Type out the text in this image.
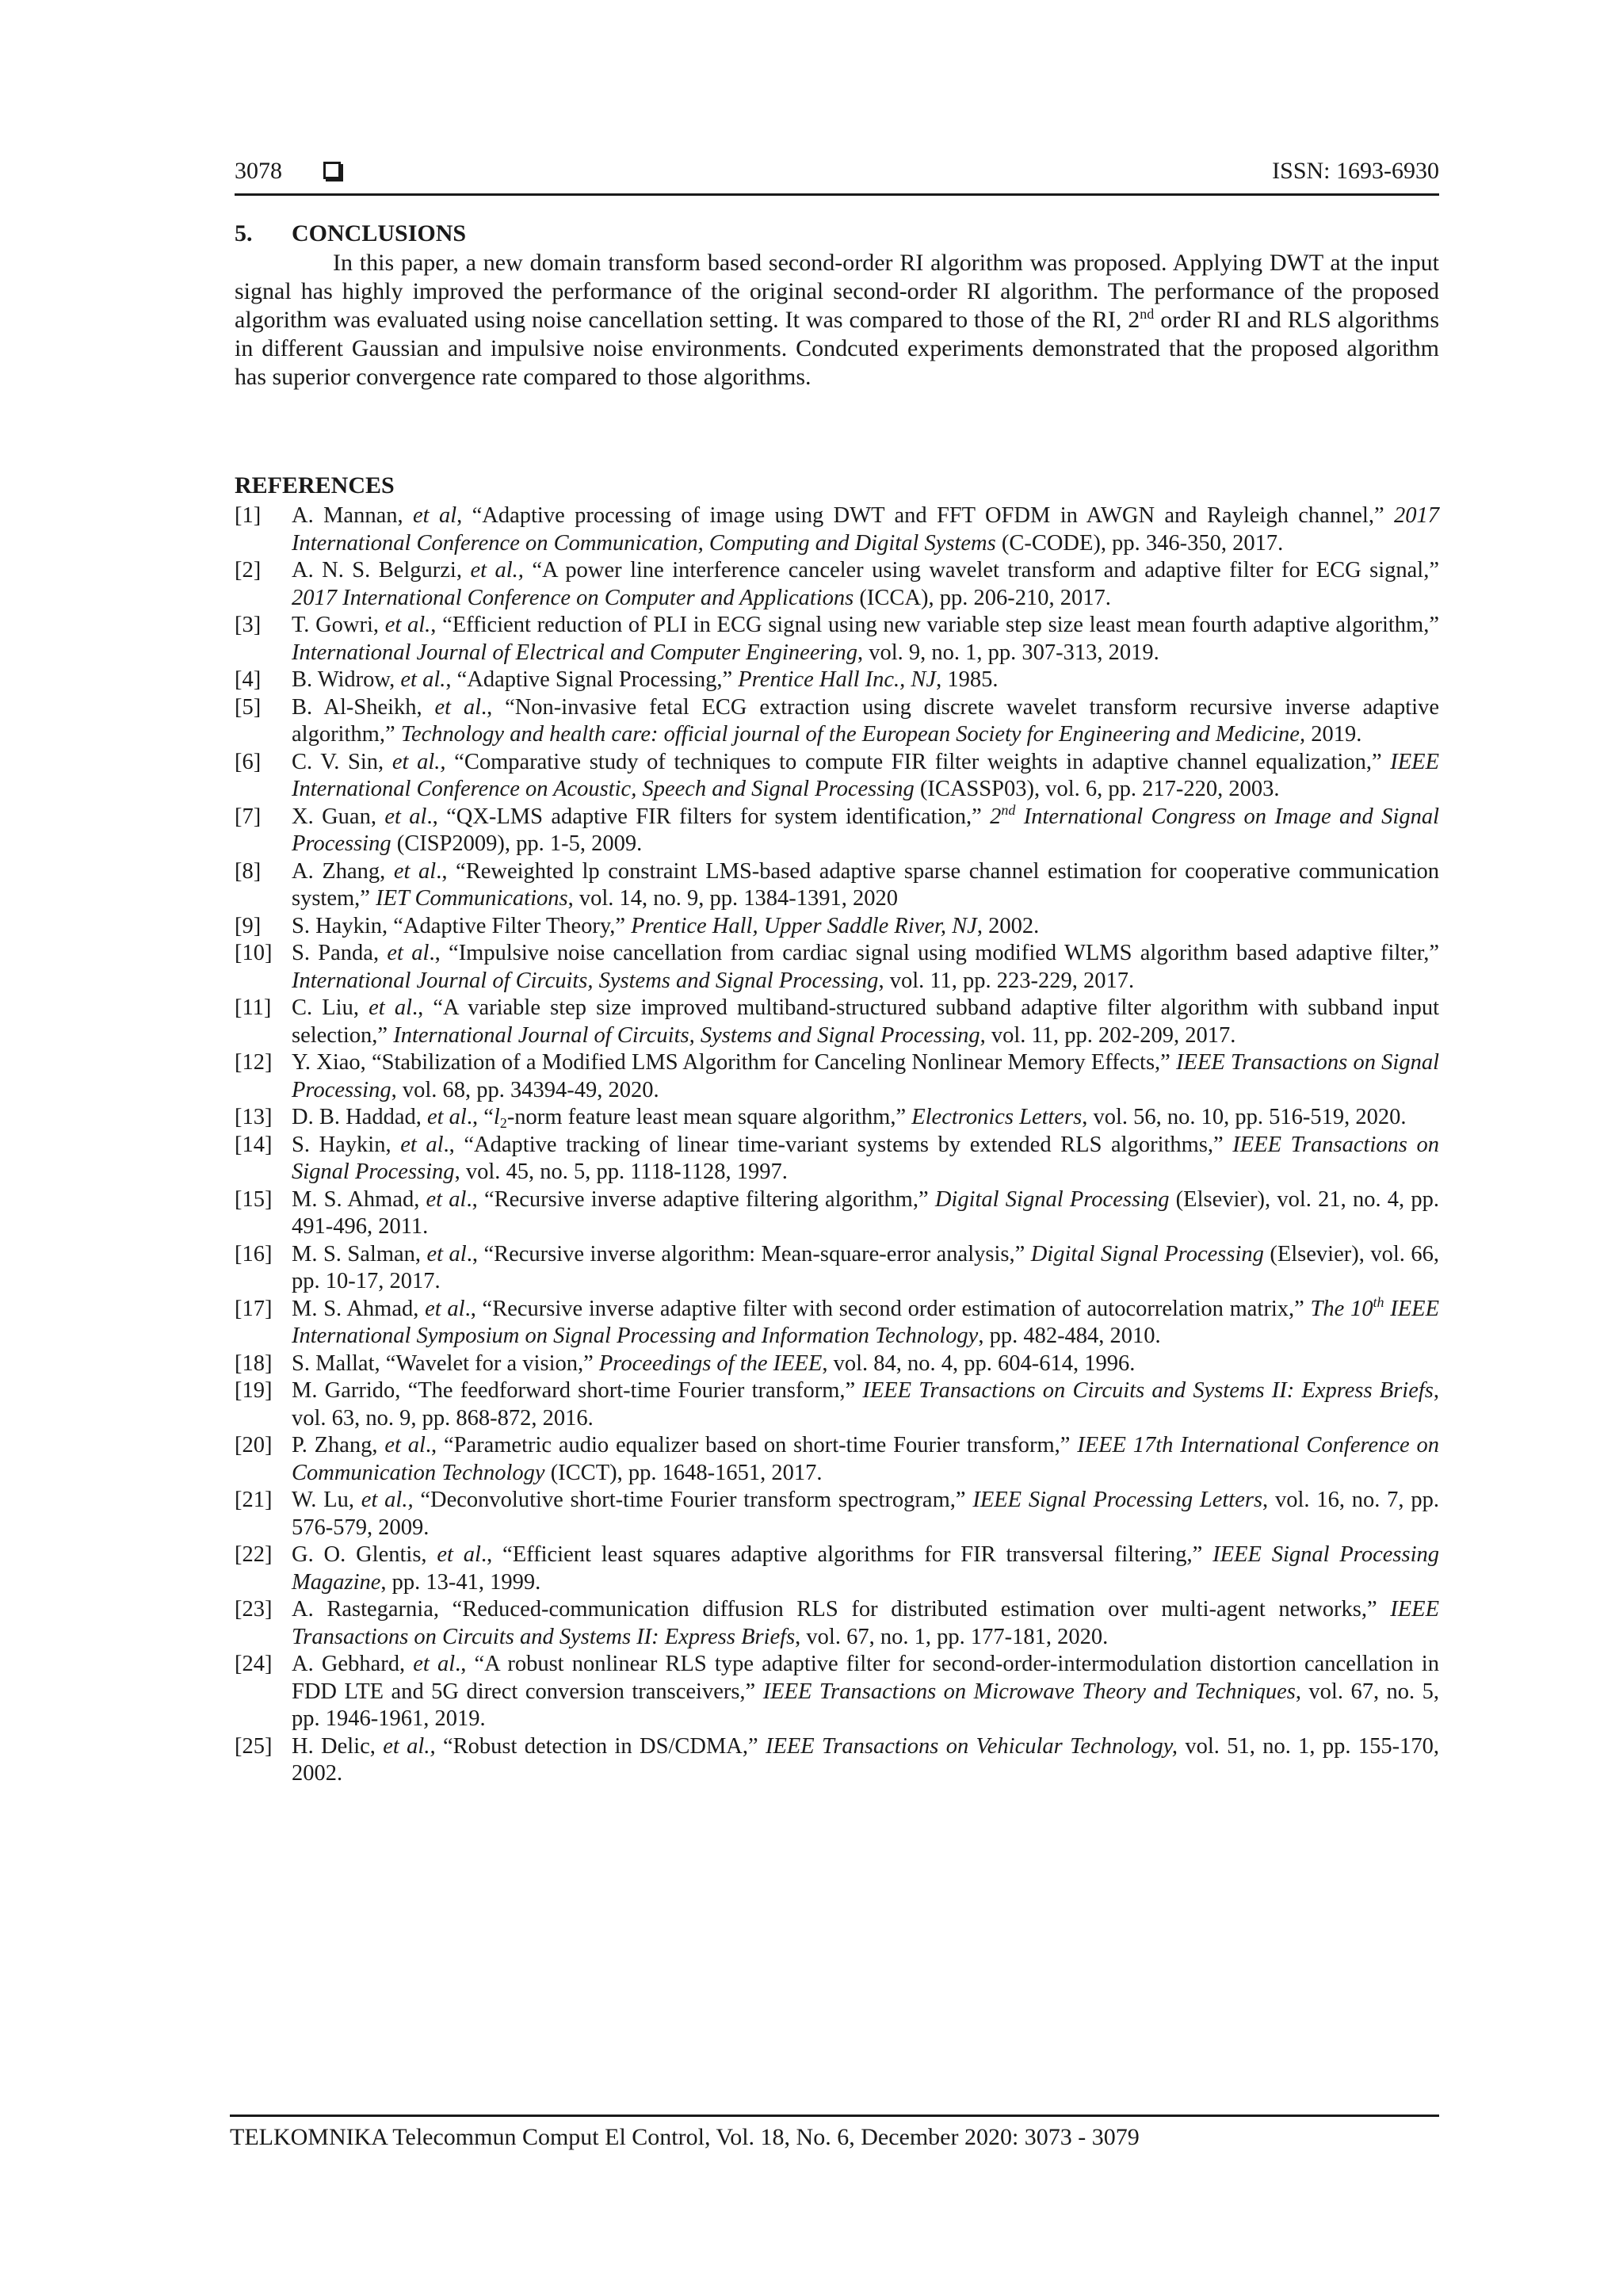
3078	ISSN: 1693-6930
5. CONCLUSIONS

In this paper, a new domain transform based second-order RI algorithm was proposed. Applying DWT at the input signal has highly improved the performance of the original second-order RI algorithm. The performance of the proposed algorithm was evaluated using noise cancellation setting. It was compared to those of the RI, 2nd order RI and RLS algorithms in different Gaussian and impulsive noise environments. Condcuted experiments demonstrated that the proposed algorithm has superior convergence rate compared to those algorithms.

REFERENCES
[1]	A. Mannan, et al, “Adaptive processing of image using DWT and FFT OFDM in AWGN and Rayleigh channel,” 2017 International Conference on Communication, Computing and Digital Systems (C-CODE), pp. 346-350, 2017.

[2]	A. N. S. Belgurzi, et al., “A power line interference canceler using wavelet transform and adaptive filter for ECG signal,” 2017 International Conference on Computer and Applications (ICCA), pp. 206-210, 2017.

[3]	T. Gowri, et al., “Efficient reduction of PLI in ECG signal using new variable step size least mean fourth adaptive algorithm,” International Journal of Electrical and Computer Engineering, vol. 9, no. 1, pp. 307-313, 2019.

[4]	B. Widrow, et al., “Adaptive Signal Processing,” Prentice Hall Inc., NJ, 1985.

[5]	B. Al-Sheikh, et al., “Non-invasive fetal ECG extraction using discrete wavelet transform recursive inverse adaptive algorithm,” Technology and health care: official journal of the European Society for Engineering and Medicine, 2019.

[6]	C. V. Sin, et al., “Comparative study of techniques to compute FIR filter weights in adaptive channel equalization,” IEEE International Conference on Acoustic, Speech and Signal Processing (ICASSP03), vol. 6, pp. 217-220, 2003.

[7]	X. Guan, et al., “QX-LMS adaptive FIR filters for system identification,” 2nd International Congress on Image and Signal Processing (CISP2009), pp. 1-5, 2009.

[8]	A. Zhang, et al., “Reweighted lp constraint LMS-based adaptive sparse channel estimation for cooperative communication system,” IET Communications, vol. 14, no. 9, pp. 1384-1391, 2020

[9]	S. Haykin, “Adaptive Filter Theory,” Prentice Hall, Upper Saddle River, NJ, 2002.

[10] S. Panda, et al., “Impulsive noise cancellation from cardiac signal using modified WLMS algorithm based adaptive filter,” International Journal of Circuits, Systems and Signal Processing, vol. 11, pp. 223-229, 2017.

[11] C. Liu, et al., “A variable step size improved multiband-structured subband adaptive filter algorithm with subband input selection,” International Journal of Circuits, Systems and Signal Processing, vol. 11, pp. 202-209, 2017.

[12] Y. Xiao, “Stabilization of a Modified LMS Algorithm for Canceling Nonlinear Memory Effects,” IEEE Transactions on Signal Processing, vol. 68, pp. 34394-49, 2020.

[13] D. B. Haddad, et al., “$l_2$-norm feature least mean square algorithm,” Electronics Letters, vol. 56, no. 10, pp. 516-519, 2020.

[14] S. Haykin, et al., “Adaptive tracking of linear time-variant systems by extended RLS algorithms,” IEEE Transactions on Signal Processing, vol. 45, no. 5, pp. 1118-1128, 1997.

[15] M. S. Ahmad, et al., “Recursive inverse adaptive filtering algorithm,” Digital Signal Processing (Elsevier), vol. 21, no. 4, pp. 491-496, 2011.

[16] M. S. Salman, et al., “Recursive inverse algorithm: Mean-square-error analysis,” Digital Signal Processing (Elsevier), vol. 66, pp. 10-17, 2017.

[17] M. S. Ahmad, et al., “Recursive inverse adaptive filter with second order estimation of autocorrelation matrix,” The 10th IEEE International Symposium on Signal Processing and Information Technology, pp. 482-484, 2010.

[18] S. Mallat, “Wavelet for a vision,” Proceedings of the IEEE, vol. 84, no. 4, pp. 604-614, 1996.

[19] M. Garrido, “The feedforward short-time Fourier transform,” IEEE Transactions on Circuits and Systems II: Express Briefs, vol. 63, no. 9, pp. 868-872, 2016.

[20] P. Zhang, et al., “Parametric audio equalizer based on short-time Fourier transform,” IEEE 17th International Conference on Communication Technology (ICCT), pp. 1648-1651, 2017.

[21] W. Lu, et al., “Deconvolutive short-time Fourier transform spectrogram,” IEEE Signal Processing Letters, vol. 16, no. 7, pp. 576-579, 2009.

[22] G. O. Glentis, et al., “Efficient least squares adaptive algorithms for FIR transversal filtering,” IEEE Signal Processing Magazine, pp. 13-41, 1999.

[23] A. Rastegarnia, “Reduced-communication diffusion RLS for distributed estimation over multi-agent networks,” IEEE Transactions on Circuits and Systems II: Express Briefs, vol. 67, no. 1, pp. 177-181, 2020.

[24] A. Gebhard, et al., “A robust nonlinear RLS type adaptive filter for second-order-intermodulation distortion cancellation in FDD LTE and 5G direct conversion transceivers,” IEEE Transactions on Microwave Theory and Techniques, vol. 67, no. 5, pp. 1946-1961, 2019.

[25] H. Delic, et al., “Robust detection in DS/CDMA,” IEEE Transactions on Vehicular Technology, vol. 51, no. 1, pp. 155-170, 2002.

TELKOMNIKA Telecommun Comput El Control, Vol. 18, No. 6, December 2020: 3073 - 3079
